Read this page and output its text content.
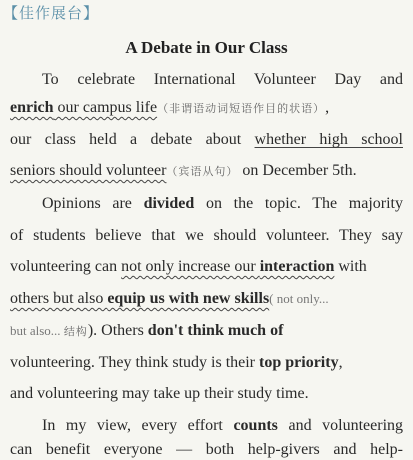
【佳作展台】
A Debate in Our Class
To celebrate International Volunteer Day and
enrich our campus life（非谓语动词短语作目的状语）,
our class held a debate about whether high school
seniors should volunteer（宾语从句） on December 5th.
Opinions are divided on the topic. The majority
of students believe that we should volunteer. They say
volunteering can not only increase our interaction with
others but also equip us with new skills( not only...
but also... 结构). Others don't think much of
volunteering. They think study is their top priority,
and volunteering may take up their study time.
In my view, every effort counts and volunteering
can benefit everyone — both help-givers and help-
